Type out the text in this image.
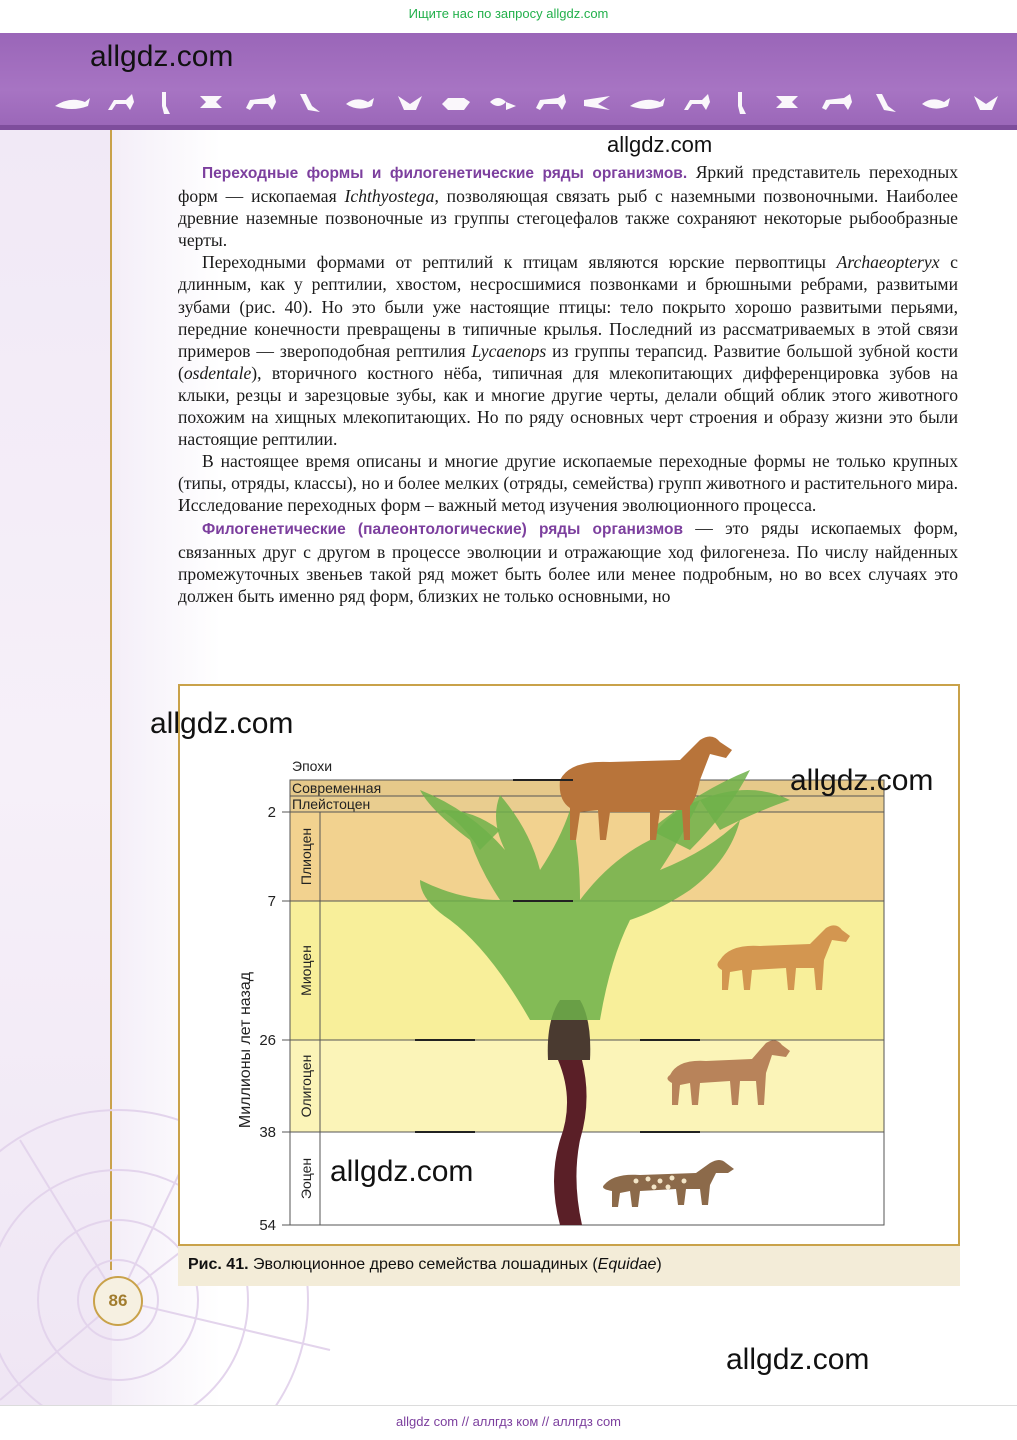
Ищите нас по запросу allgdz.com
allgdz.com
allgdz.com

Переходные формы и филогенетические ряды организмов. Яркий представитель переходных форм — ископаемая Ichthyostega, позволяющая связать рыб с наземными позвоночными. Наиболее древние наземные позвоночные из группы стегоцефалов также сохраняют некоторые рыбообразные черты.

Переходными формами от рептилий к птицам являются юрские первоптицы Archaeopteryx с длинным, как у рептилии, хвостом, несросшимися позвонками и брюшными ребрами, развитыми зубами (рис. 40). Но это были уже настоящие птицы: тело покрыто хорошо развитыми перьями, передние конечности превращены в типичные крылья. Последний из рассматриваемых в этой связи примеров — звероподобная рептилия Lycaenops из группы терапсид. Развитие большой зубной кости (osdentale), вторичного костного нёба, типичная для млекопитающих дифференцировка зубов на клыки, резцы и зарезцовые зубы, как и многие другие черты, делали общий облик этого животного похожим на хищных млекопитающих. Но по ряду основных черт строения и образу жизни это были настоящие рептилии.

В настоящее время описаны и многие другие ископаемые переходные формы не только крупных (типы, отряды, классы), но и более мелких (отряды, семейства) групп животного и растительного мира. Исследование переходных форм – важный метод изучения эволюционного процесса.

Филогенетические (палеонтологические) ряды организмов — это ряды ископаемых форм, связанных друг с другом в процессе эволюции и отражающие ход филогенеза. По числу найденных промежуточных звеньев такой ряд может быть более или менее подробным, но во всех случаях это должен быть именно ряд форм, близких не только основными, но

Современная
Плейстоцен
Плиоцен
Миоцен
Олигоцен
Эоцен
2
7
26
38
54
Миллионы лет назад
Эпохи
allgdz.com
allgdz.com
allgdz.com
Рис. 41. Эволюционное древо семейства лошадиных (Equidae)
86
allgdz.com
allgdz com // аллгдз ком // аллгдз com
